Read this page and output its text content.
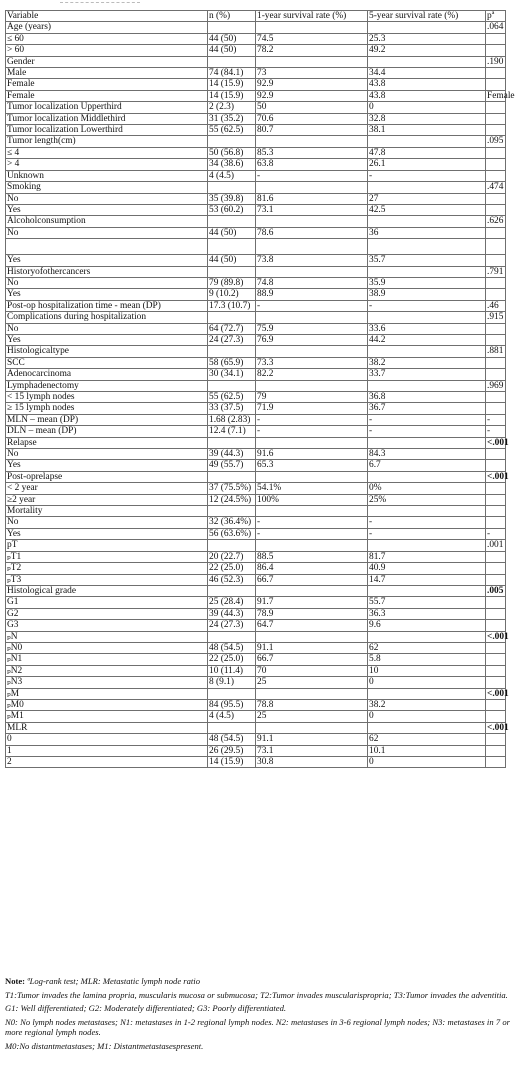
Variable	n (%)	1-year survival rate (%)	5-year survival rate (%)	pª
Age (years)				.064
≤ 60	44 (50)	74.5	25.3	
> 60	44 (50)	78.2	49.2	
Gender				.190
Male	74 (84.1)	73	34.4	
Female	14 (15.9)	92.9	43.8	
Female	14 (15.9)	92.9	43.8	Female
Tumor localization Upperthird	2 (2.3)	50	0	
Tumor localization Middlethird	31 (35.2)	70.6	32.8	
Tumor localization Lowerthird	55 (62.5)	80.7	38.1	
Tumor length(cm)				.095
≤ 4	50 (56.8)	85.3	47.8	
> 4	34 (38.6)	63.8	26.1	
Unknown	4 (4.5)	-	-	
Smoking				.474
No	35 (39.8)	81.6	27	
Yes	53 (60.2)	73.1	42.5	
Alcoholconsumption				.626
No	44 (50)	78.6	36	

Yes	44 (50)	73.8	35.7	
Historyofothercancers				.791
No	79 (89.8)	74.8	35.9	
Yes	9 (10.2)	88.9	38.9	
Post-op hospitalization time - mean (DP)	17.3 (10.7)	-	-	.46
Complications during hospitalization				.915
No	64 (72.7)	75.9	33.6	
Yes	24 (27.3)	76.9	44.2	
Histologicaltype				.881
SCC	58 (65.9)	73.3	38.2	
Adenocarcinoma	30 (34.1)	82.2	33.7	
Lymphadenectomy				.969
< 15 lymph nodes	55 (62.5)	79	36.8	
≥ 15 lymph nodes	33 (37.5)	71.9	36.7	
MLN – mean (DP)	1.68 (2.83)	-	-	-
DLN – mean (DP)	12.4 (7.1)	-	-	-
Relapse				<.001
No	39 (44.3)	91.6	84.3	
Yes	49 (55.7)	65.3	6.7	
Post-oprelapse				<.001
< 2 year	37 (75.5%)	54.1%	0%	
≥2 year	12 (24.5%)	100%	25%	
Mortality				
No	32 (36.4%)	-	-	
Yes	56 (63.6%)	-	-	-
pT				.001
ₚT1	20 (22.7)	88.5	81.7	
ₚT2	22 (25.0)	86.4	40.9	
ₚT3	46 (52.3)	66.7	14.7	
Histological grade				.005
G1	25 (28.4)	91.7	55.7	
G2	39 (44.3)	78.9	36.3	
G3	24 (27.3)	64.7	9.6	
ₚN				<.001
ₚN0	48 (54.5)	91.1	62	
ₚN1	22 (25.0)	66.7	5.8	
ₚN2	10 (11.4)	70	10	
ₚN3	8 (9.1)	25	0	
ₚM				<.001
ₚM0	84 (95.5)	78.8	38.2	
ₚM1	4 (4.5)	25	0	
MLR				<.001
0	48 (54.5)	91.1	62	
1	26 (29.5)	73.1	10.1	
2	14 (15.9)	30.8	0	

Note: ªLog-rank test; MLR: Metastatic lymph node ratio

T1:Tumor invades the lamina propria, muscularis mucosa or submucosa; T2:Tumor invades muscularispropria; T3:Tumor invades the adventitia.

G1: Well differentiated; G2: Moderately differentiated; G3: Poorly differentiated.

N0: No lymph nodes metastases; N1: metastases in 1-2 regional lymph nodes. N2: metastases in 3-6 regional lymph nodes; N3: metastases in 7 or more regional lymph nodes.

M0:No distantmetastases; M1: Distantmetastasespresent.
